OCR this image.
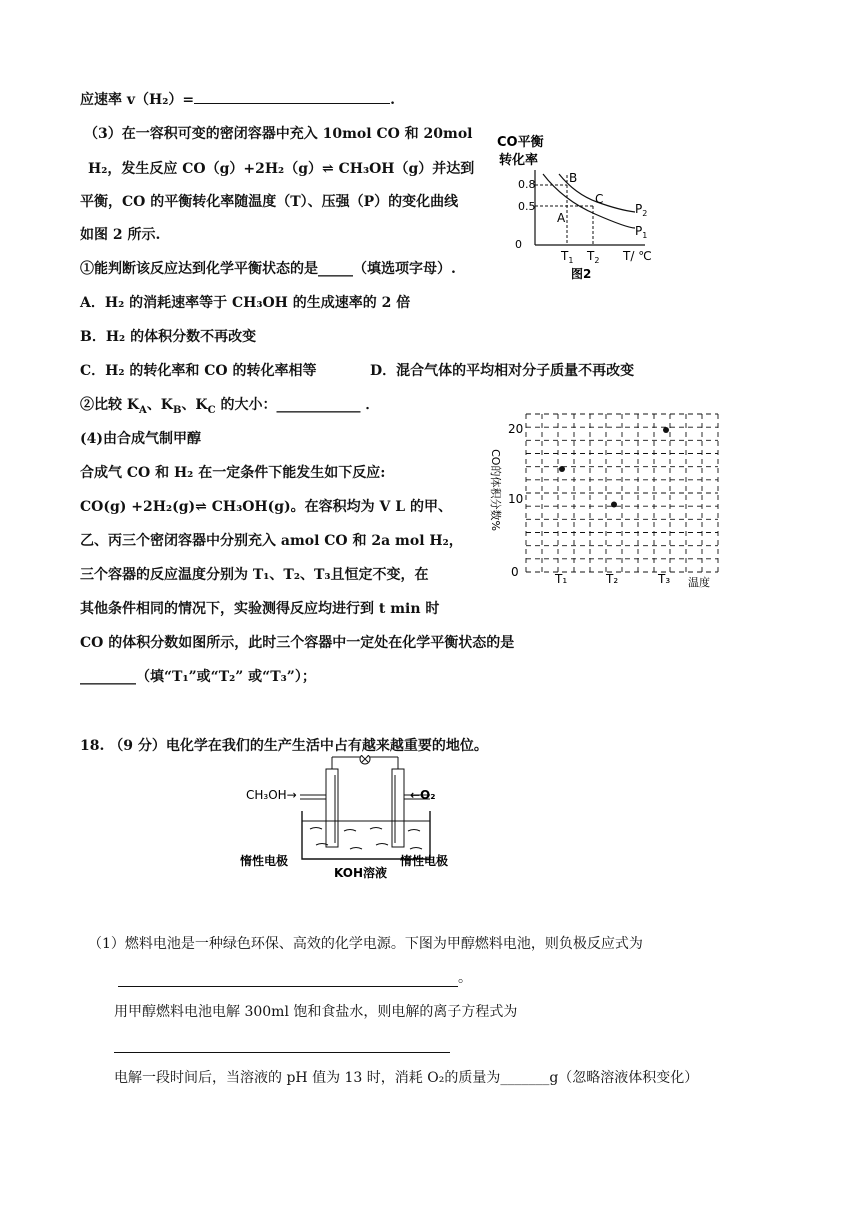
应速率 v（H₂）=	.
（3）在一容积可变的密闭容器中充入 10mol CO 和 20mol
H₂，发生反应 CO（g）+2H₂（g）⇌ CH₃OH（g）并达到
平衡，CO 的平衡转化率随温度（T）、压强（P）的变化曲线
如图 2 所示.
①能判断该反应达到化学平衡状态的是_____（填选项字母）.
A．H₂ 的消耗速率等于 CH₃OH 的生成速率的 2 倍
B．H₂ 的体积分数不再改变
C．H₂ 的转化率和 CO 的转化率相等	D．混合气体的平均相对分子质量不再改变
②比较 $K_A$、$K_B$、$K_C$ 的大小：____________ ．
CO平衡
转化率
0.8
0.5
0
B
A
C
$P_2$
$P_1$
$T_1$ $T_2$ T/ ℃
图2
(4)由合成气制甲醇
合成气 CO 和 H₂ 在一定条件下能发生如下反应:
CO(g) +2H₂(g)⇌ CH₃OH(g)。在容积均为 V L 的甲、
乙、丙三个密闭容器中分别充入 amol CO 和 2a mol H₂，
三个容器的反应温度分别为 T₁、T₂、T₃且恒定不变，在
其他条件相同的情况下，实验测得反应均进行到 t min 时
CO 的体积分数如图所示，此时三个容器中一定处在化学平衡状态的是
________（填“T₁”或“T₂” 或“T₃”）；
CO的体积分数%
20
10
0	T₁	T₂	T₃ 温度
18. （9 分）电化学在我们的生产生活中占有越来越重要的地位。
CH₃OH→	←O₂
惰性电极	惰性电极
KOH溶液
（1）燃料电池是一种绿色环保、高效的化学电源。下图为甲醇燃料电池，则负极反应式为
。
用甲醇燃料电池电解 300ml 饱和食盐水，则电解的离子方程式为
电解一段时间后，当溶液的 pH 值为 13 时，消耗 O₂的质量为_______g（忽略溶液体积变化）
